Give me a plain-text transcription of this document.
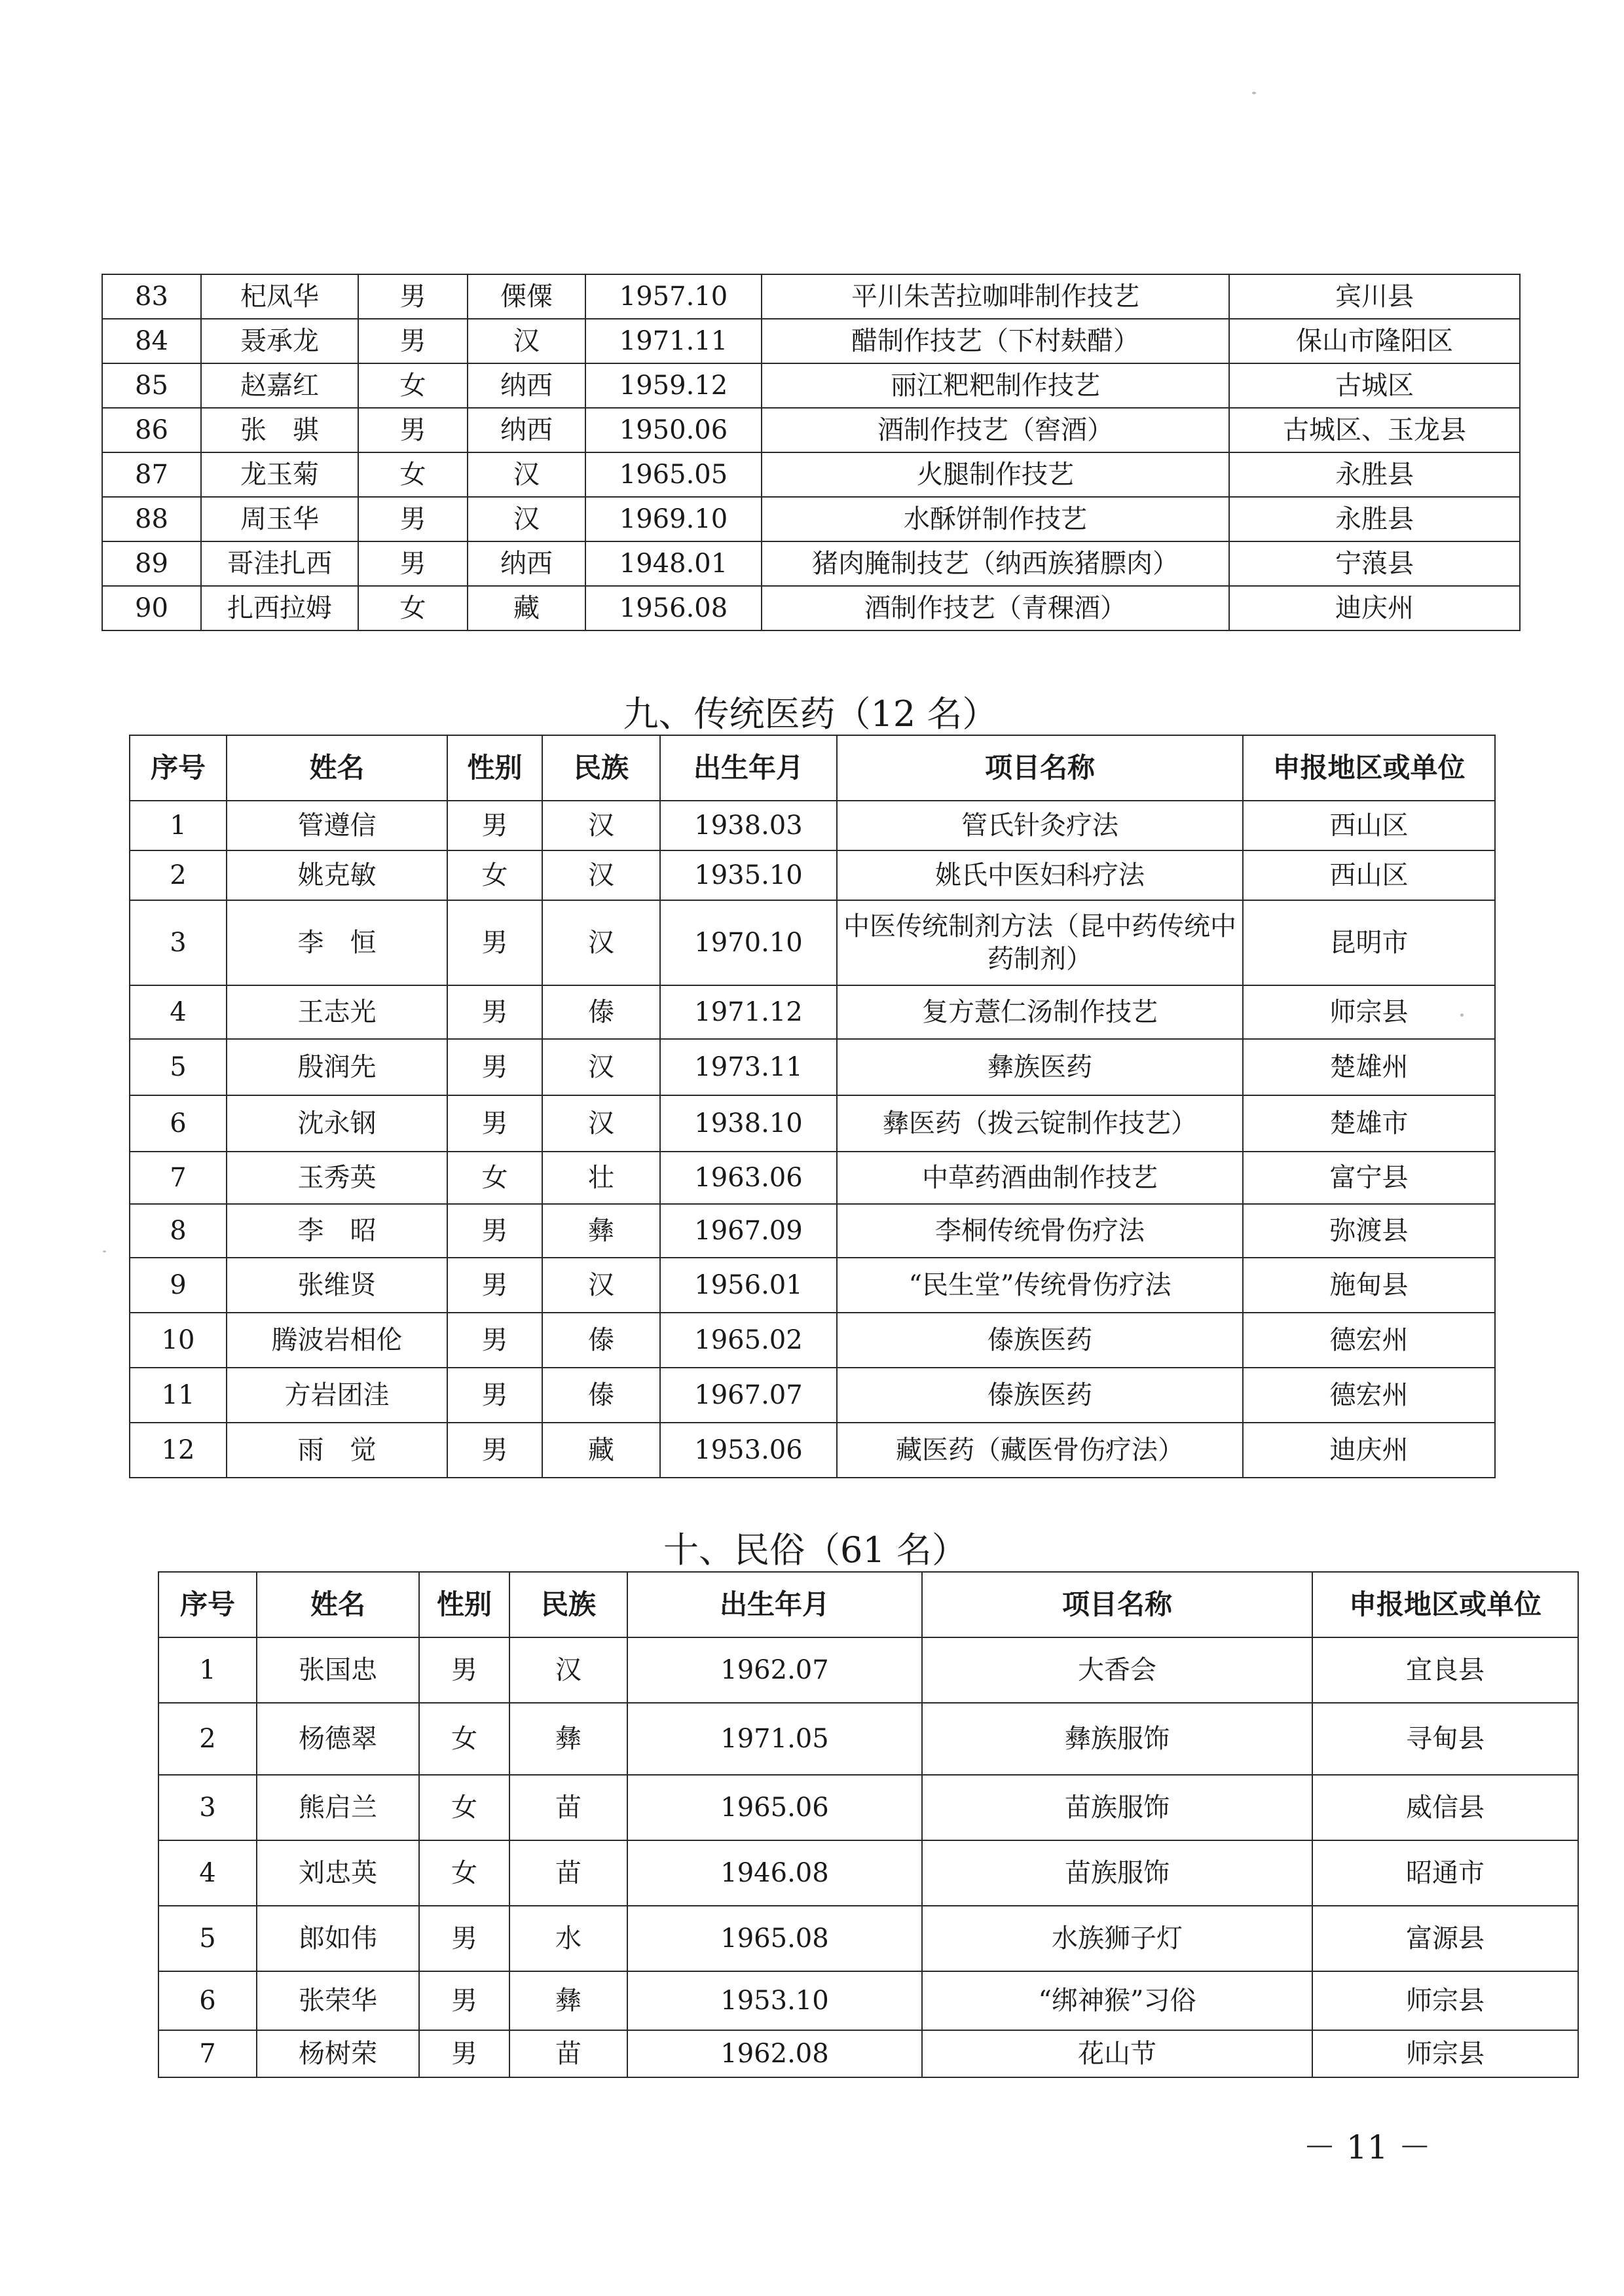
83	杞凤华	男	傈僳	1957.10	平川朱苦拉咖啡制作技艺	宾川县
84	聂承龙	男	汉	1971.11	醋制作技艺（下村麸醋）	保山市隆阳区
85	赵嘉红	女	纳西	1959.12	丽江粑粑制作技艺	古城区
86	张　骐	男	纳西	1950.06	酒制作技艺（窖酒）	古城区、玉龙县
87	龙玉菊	女	汉	1965.05	火腿制作技艺	永胜县
88	周玉华	男	汉	1969.10	水酥饼制作技艺	永胜县
89	哥洼扎西	男	纳西	1948.01	猪肉腌制技艺（纳西族猪膘肉）	宁蒗县
90	扎西拉姆	女	藏	1956.08	酒制作技艺（青稞酒）	迪庆州
九、传统医药（12 名）
序号	姓名	性别	民族	出生年月	项目名称	申报地区或单位
1	管遵信	男	汉	1938.03	管氏针灸疗法	西山区
2	姚克敏	女	汉	1935.10	姚氏中医妇科疗法	西山区
3	李　恒	男	汉	1970.10	中医传统制剂方法（昆中药传统中药制剂）	昆明市
4	王志光	男	傣	1971.12	复方薏仁汤制作技艺	师宗县
5	殷润先	男	汉	1973.11	彝族医药	楚雄州
6	沈永钢	男	汉	1938.10	彝医药（拨云锭制作技艺）	楚雄市
7	玉秀英	女	壮	1963.06	中草药酒曲制作技艺	富宁县
8	李　昭	男	彝	1967.09	李桐传统骨伤疗法	弥渡县
9	张维贤	男	汉	1956.01	“民生堂”传统骨伤疗法	施甸县
10	腾波岩相伦	男	傣	1965.02	傣族医药	德宏州
11	方岩团洼	男	傣	1967.07	傣族医药	德宏州
12	雨　觉	男	藏	1953.06	藏医药（藏医骨伤疗法）	迪庆州
十、民俗（61 名）
序号	姓名	性别	民族	出生年月	项目名称	申报地区或单位
1	张国忠	男	汉	1962.07	大香会	宜良县
2	杨德翠	女	彝	1971.05	彝族服饰	寻甸县
3	熊启兰	女	苗	1965.06	苗族服饰	威信县
4	刘忠英	女	苗	1946.08	苗族服饰	昭通市
5	郎如伟	男	水	1965.08	水族狮子灯	富源县
6	张荣华	男	彝	1953.10	“绑神猴”习俗	师宗县
7	杨树荣	男	苗	1962.08	花山节	师宗县
－ 11 －
